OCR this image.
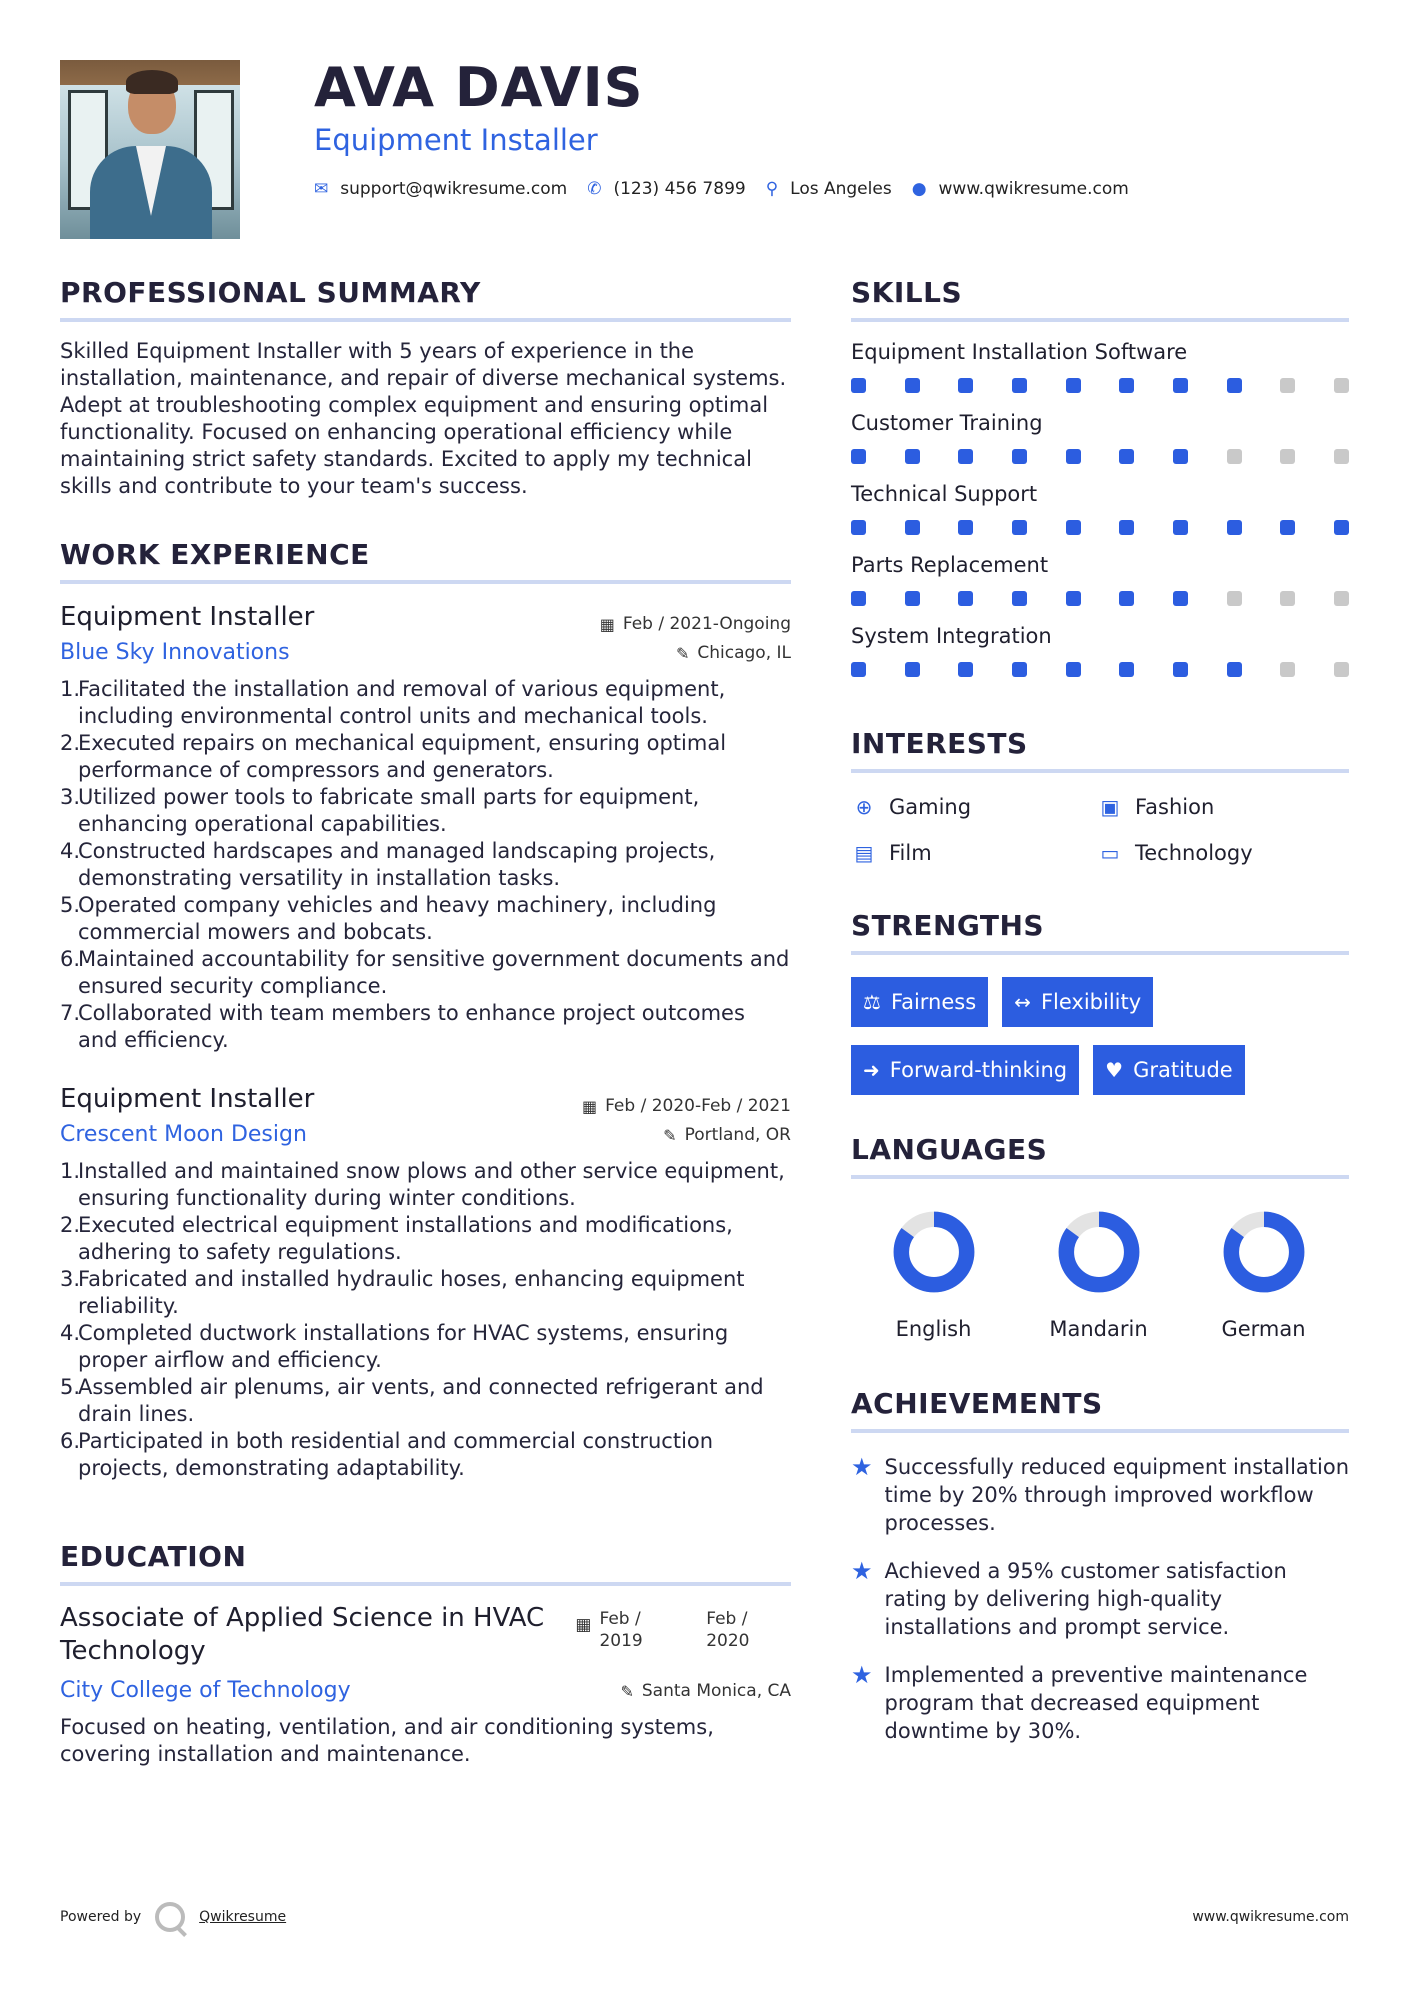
AVA DAVIS
Equipment Installer
✉ support@qwikresume.com ✆ (123) 456 7899 ⚲ Los Angeles ● www.qwikresume.com
PROFESSIONAL SUMMARY

Skilled Equipment Installer with 5 years of experience in the installation, maintenance, and repair of diverse mechanical systems. Adept at troubleshooting complex equipment and ensuring optimal functionality. Focused on enhancing operational efficiency while maintaining strict safety standards. Excited to apply my technical skills and contribute to your team's success.

WORK EXPERIENCE
Equipment Installer	▦ Feb / 2021-Ongoing
Blue Sky Innovations	✎ Chicago, IL
Facilitated the installation and removal of various equipment, including environmental control units and mechanical tools.
Executed repairs on mechanical equipment, ensuring optimal performance of compressors and generators.
Utilized power tools to fabricate small parts for equipment, enhancing operational capabilities.
Constructed hardscapes and managed landscaping projects, demonstrating versatility in installation tasks.
Operated company vehicles and heavy machinery, including commercial mowers and bobcats.
Maintained accountability for sensitive government documents and ensured security compliance.
Collaborated with team members to enhance project outcomes and efficiency.
Equipment Installer	▦ Feb / 2020-Feb / 2021
Crescent Moon Design	✎ Portland, OR
Installed and maintained snow plows and other service equipment, ensuring functionality during winter conditions.
Executed electrical equipment installations and modifications, adhering to safety regulations.
Fabricated and installed hydraulic hoses, enhancing equipment reliability.
Completed ductwork installations for HVAC systems, ensuring proper airflow and efficiency.
Assembled air plenums, air vents, and connected refrigerant and drain lines.
Participated in both residential and commercial construction projects, demonstrating adaptability.
EDUCATION
Associate of Applied Science in HVAC Technology
▦ Feb / 2019
Feb / 2020
City College of Technology	✎ Santa Monica, CA

Focused on heating, ventilation, and air conditioning systems, covering installation and maintenance.

SKILLS
Equipment Installation Software
Customer Training
Technical Support
Parts Replacement
System Integration
INTERESTS
⊕ Gaming	▣ Fashion
▤ Film	▭ Technology
STRENGTHS
⚖ Fairness ↔ Flexibility
➜ Forward-thinking ♥ Gratitude
LANGUAGES
English	Mandarin	German
ACHIEVEMENTS
★ Successfully reduced equipment installation time by 20% through improved workflow processes.
★ Achieved a 95% customer satisfaction rating by delivering high-quality installations and prompt service.
★ Implemented a preventive maintenance program that decreased equipment downtime by 30%.
Powered by	Qwikresume	www.qwikresume.com
